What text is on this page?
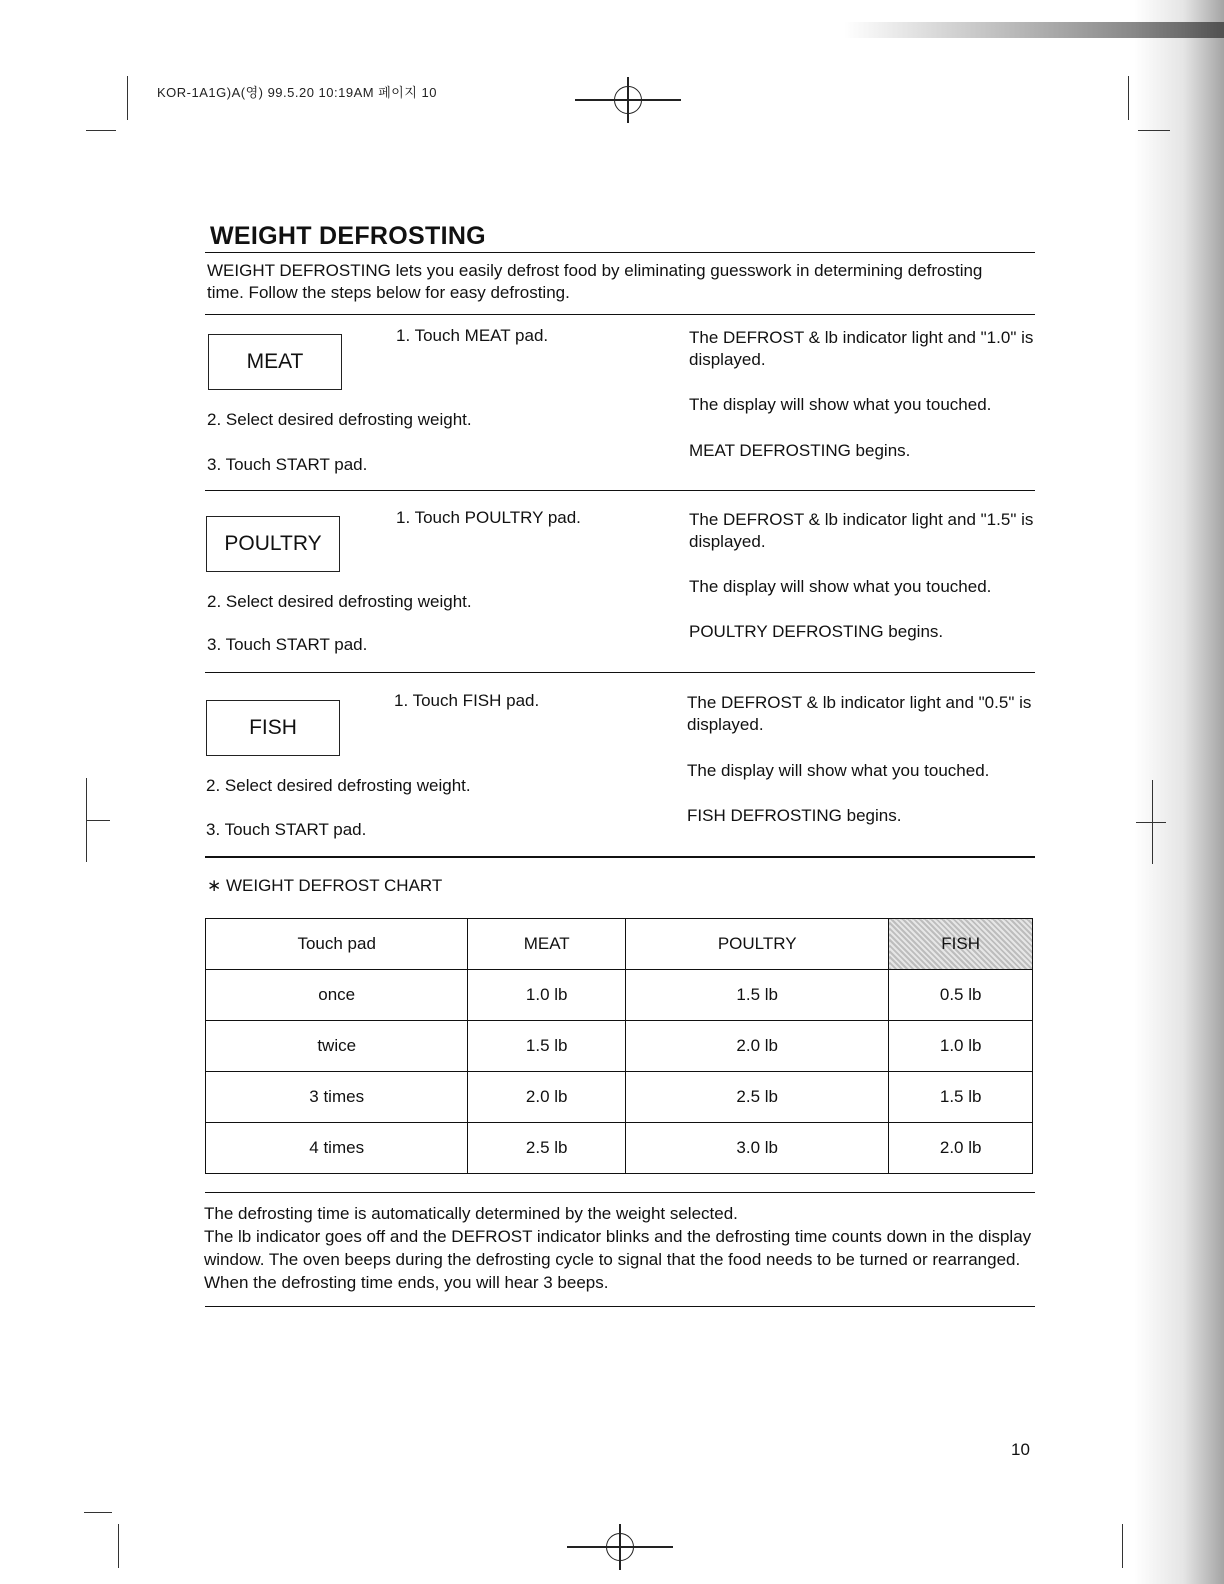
KOR-1A1G)A(영) 99.5.20 10:19AM 페이지 10
WEIGHT DEFROSTING
WEIGHT DEFROSTING lets you easily defrost food by eliminating guesswork in determining defrosting time. Follow the steps below for easy defrosting.
MEAT
1. Touch MEAT pad.
2. Select desired defrosting weight.
3. Touch START pad.
The DEFROST & lb indicator light and "1.0" is displayed.
The display will show what you touched.
MEAT DEFROSTING begins.
POULTRY
1. Touch POULTRY pad.
2. Select desired defrosting weight.
3. Touch START pad.
The DEFROST & lb indicator light and "1.5" is displayed.
The display will show what you touched.
POULTRY DEFROSTING begins.
FISH
1. Touch FISH pad.
2. Select desired defrosting weight.
3. Touch START pad.
The DEFROST & lb indicator light and "0.5" is displayed.
The display will show what you touched.
FISH DEFROSTING begins.
∗ WEIGHT DEFROST CHART
Touch pad	MEAT	POULTRY	FISH
once	1.0 lb	1.5 lb	0.5 lb
twice	1.5 lb	2.0 lb	1.0 lb
3 times	2.0 lb	2.5 lb	1.5 lb
4 times	2.5 lb	3.0 lb	2.0 lb
The defrosting time is automatically determined by the weight selected.
The lb indicator goes off and the DEFROST indicator blinks and the defrosting time counts down in the display window. The oven beeps during the defrosting cycle to signal that the food needs to be turned or rearranged. When the defrosting time ends, you will hear 3 beeps.
10
